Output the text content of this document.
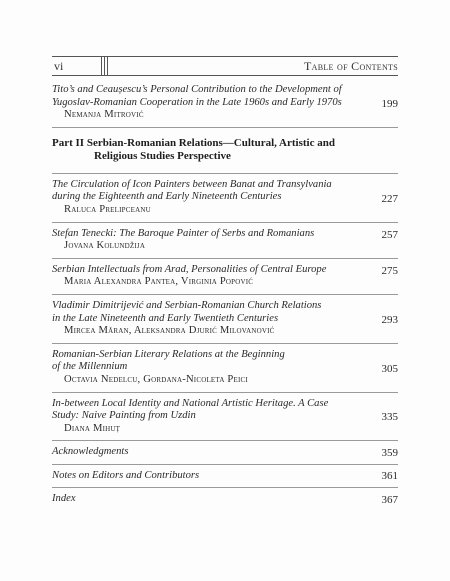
vi	Table of Contents
Tito’s and Ceaușescu’s Personal Contribution to the Development of
Yugoslav-Romanian Cooperation in the Late 1960s and Early 1970s
Nemanja Mitrović
199
Part II Serbian-Romanian Relations—Cultural, Artistic and
Religious Studies Perspective
The Circulation of Icon Painters between Banat and Transylvania
during the Eighteenth and Early Nineteenth Centuries
Raluca Prelipceanu
227
Stefan Tenecki: The Baroque Painter of Serbs and Romanians
Jovana Kolundžija
257
Serbian Intellectuals from Arad, Personalities of Central Europe
Maria Alexandra Pantea, Virginia Popović
275
Vladimir Dimitrijević and Serbian-Romanian Church Relations
in the Late Nineteenth and Early Twentieth Centuries
Mircea Măran, Aleksandra Djurić Milovanović
293
Romanian-Serbian Literary Relations at the Beginning
of the Millennium
Octavia Nedelcu, Gordana-Nicoleta Peici
305
In-between Local Identity and National Artistic Heritage. A Case
Study: Naive Painting from Uzdin
Diana Mihuț
335
Acknowledgments	359
Notes on Editors and Contributors	361
Index	367
